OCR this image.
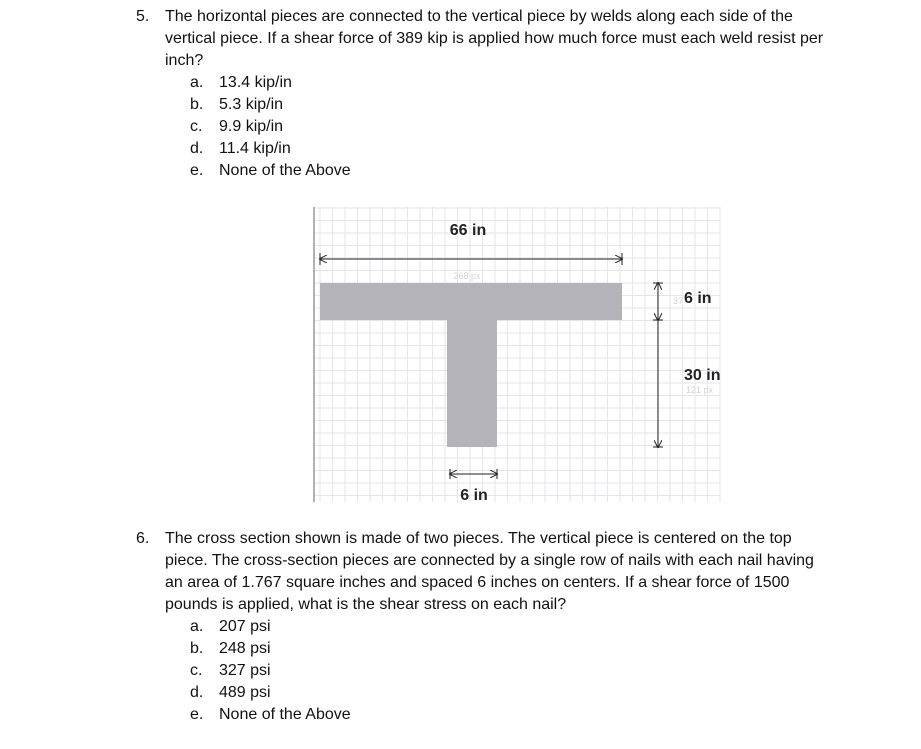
5. The horizontal pieces are connected to the vertical piece by welds along each side of the vertical piece. If a shear force of 389 kip is applied how much force must each weld resist per inch?
a. 13.4 kip/in
b. 5.3 kip/in
c. 9.9 kip/in
d. 11.4 kip/in
e. None of the Above
66 in
268 px
37 6 in
30 in
121 px
6 in
6. The cross section shown is made of two pieces. The vertical piece is centered on the top piece. The cross-section pieces are connected by a single row of nails with each nail having an area of 1.767 square inches and spaced 6 inches on centers. If a shear force of 1500 pounds is applied, what is the shear stress on each nail?
a. 207 psi
b. 248 psi
c. 327 psi
d. 489 psi
e. None of the Above
